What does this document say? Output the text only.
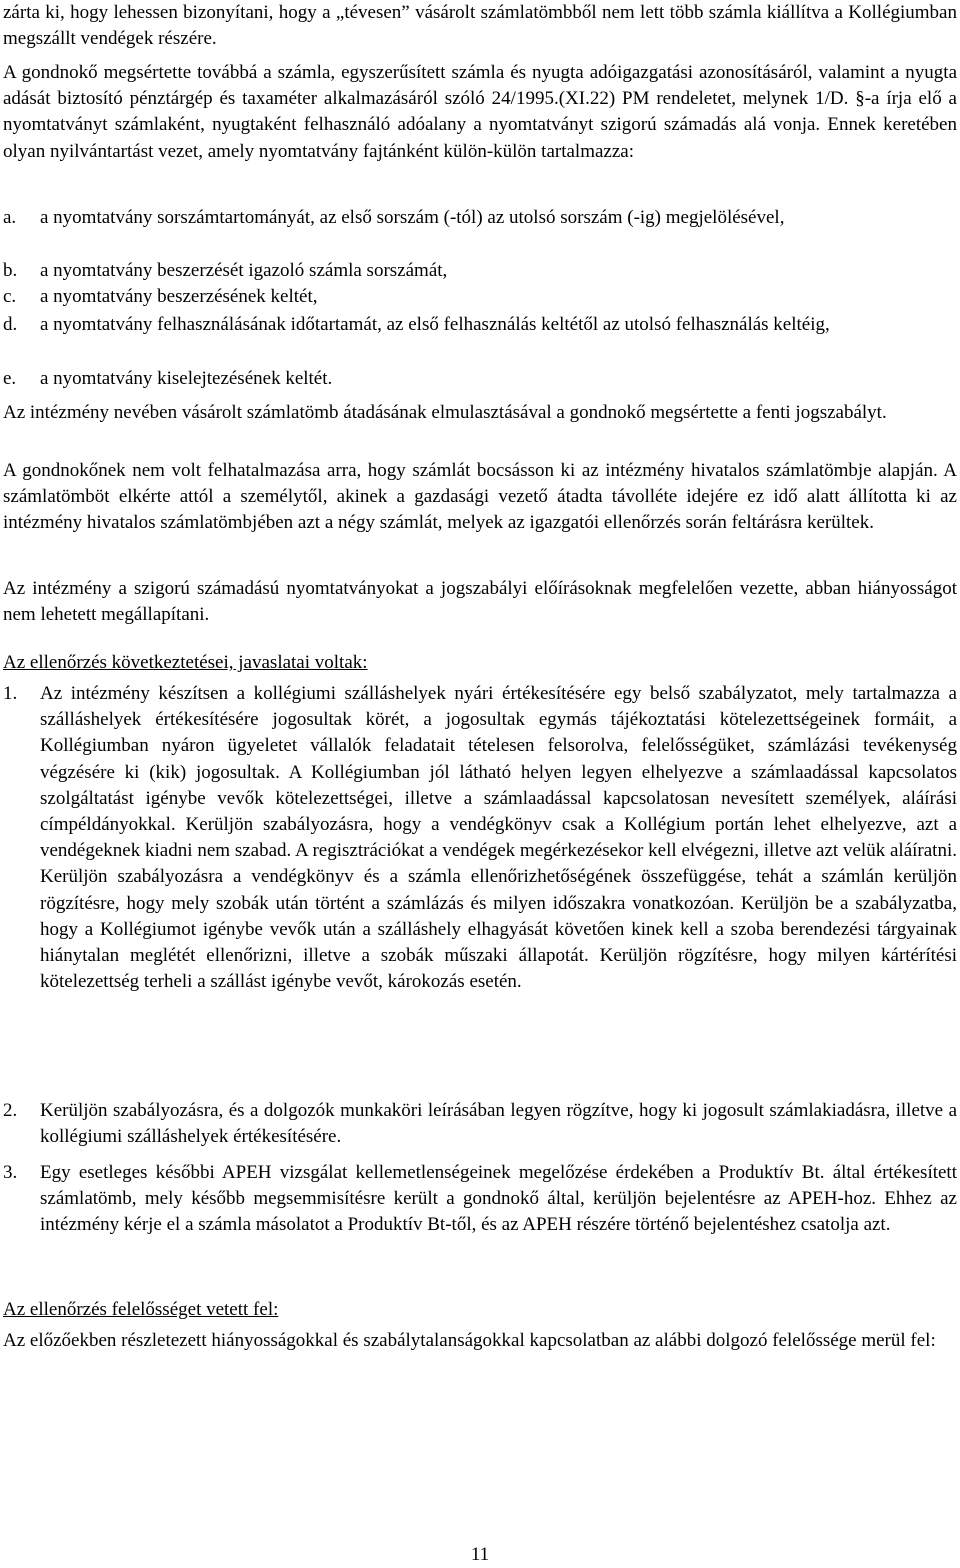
zárta ki, hogy lehessen bizonyítani, hogy a „tévesen” vásárolt számlatömbből nem lett több számla kiállítva a Kollégiumban megszállt vendégek részére.

A gondnokő megsértette továbbá a számla, egyszerűsített számla és nyugta adóigazgatási azonosításáról, valamint a nyugta adását biztosító pénztárgép és taxaméter alkalmazásáról szóló 24/1995.(XI.22) PM rendeletet, melynek 1/D. §-a írja elő a nyomtatványt számlaként, nyugtaként felhasználó adóalany a nyomtatványt szigorú számadás alá vonja. Ennek keretében olyan nyilvántartást vezet, amely nyomtatvány fajtánként külön-külön tartalmazza:

a.	a nyomtatvány sorszámtartományát, az első sorszám (-tól) az utolsó sorszám (-ig) megjelölésével,

b.	a nyomtatvány beszerzését igazoló számla sorszámát,

c.	a nyomtatvány beszerzésének keltét,

d.	a nyomtatvány felhasználásának időtartamát, az első felhasználás keltétől az utolsó felhasználás keltéig,

e.	a nyomtatvány kiselejtezésének keltét.

Az intézmény nevében vásárolt számlatömb átadásának elmulasztásával a gondnokő megsértette a fenti jogszabályt.

A gondnokőnek nem volt felhatalmazása arra, hogy számlát bocsásson ki az intézmény hivatalos számlatömbje alapján. A számlatömböt elkérte attól a személytől, akinek a gazdasági vezető átadta távolléte idejére ez idő alatt állította ki az intézmény hivatalos számlatömbjében azt a négy számlát, melyek az igazgatói ellenőrzés során feltárásra kerültek.

Az intézmény a szigorú számadású nyomtatványokat a jogszabályi előírásoknak megfelelően vezette, abban hiányosságot nem lehetett megállapítani.

Az ellenőrzés következtetései, javaslatai voltak:

1.	Az intézmény készítsen a kollégiumi szálláshelyek nyári értékesítésére egy belső szabályzatot, mely tartalmazza a szálláshelyek értékesítésére jogosultak körét, a jogosultak egymás tájékoztatási kötelezettségeinek formáit, a Kollégiumban nyáron ügyeletet vállalók feladatait tételesen felsorolva, felelősségüket, számlázási tevékenység végzésére ki (kik) jogosultak. A Kollégiumban jól látható helyen legyen elhelyezve a számlaadással kapcsolatos szolgáltatást igénybe vevők kötelezettségei, illetve a számlaadással kapcsolatosan nevesített személyek, aláírási címpéldányokkal. Kerüljön szabályozásra, hogy a vendégkönyv csak a Kollégium portán lehet elhelyezve, azt a vendégeknek kiadni nem szabad. A regisztrációkat a vendégek megérkezésekor kell elvégezni, illetve azt velük aláíratni. Kerüljön szabályozásra a vendégkönyv és a számla ellenőrizhetőségének összefüggése, tehát a számlán kerüljön rögzítésre, hogy mely szobák után történt a számlázás és milyen időszakra vonatkozóan. Kerüljön be a szabályzatba, hogy a Kollégiumot igénybe vevők után a szálláshely elhagyását követően kinek kell a szoba berendezési tárgyainak hiánytalan meglétét ellenőrizni, illetve a szobák műszaki állapotát. Kerüljön rögzítésre, hogy milyen kártérítési kötelezettség terheli a szállást igénybe vevőt, károkozás esetén.

2.	Kerüljön szabályozásra, és a dolgozók munkaköri leírásában legyen rögzítve, hogy ki jogosult számlakiadásra, illetve a kollégiumi szálláshelyek értékesítésére.

3.	Egy esetleges későbbi APEH vizsgálat kellemetlenségeinek megelőzése érdekében a Produktív Bt. által értékesített számlatömb, mely később megsemmisítésre került a gondnokő által, kerüljön bejelentésre az APEH-hoz. Ehhez az intézmény kérje el a számla másolatot a Produktív Bt-től, és az APEH részére történő bejelentéshez csatolja azt.

Az ellenőrzés felelősséget vetett fel:

Az előzőekben részletezett hiányosságokkal és szabálytalanságokkal kapcsolatban az alábbi dolgozó felelőssége merül fel:

11
